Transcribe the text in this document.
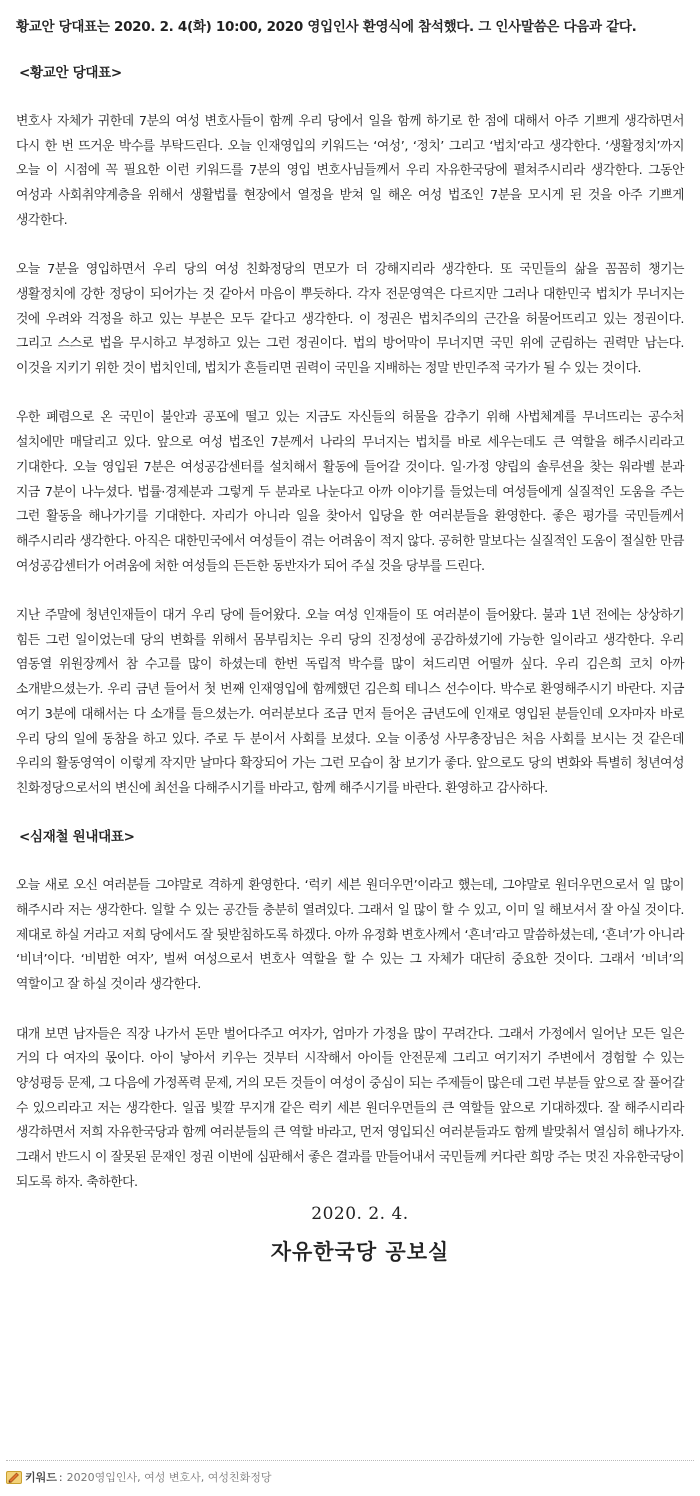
황교안 당대표는 2020. 2. 4(화) 10:00, 2020 영입인사 환영식에 참석했다. 그 인사말씀은 다음과 같다.

<황교안 당대표>

변호사 자체가 귀한데 7분의 여성 변호사들이 함께 우리 당에서 일을 함께 하기로 한 점에 대해서 아주 기쁘게 생각하면서 다시 한 번 뜨거운 박수를 부탁드린다. 오늘 인재영입의 키워드는 ‘여성’, ‘정치’ 그리고 ‘법치’라고 생각한다. ‘생활정치’까지 오늘 이 시점에 꼭 필요한 이런 키워드를 7분의 영입 변호사님들께서 우리 자유한국당에 펼쳐주시리라 생각한다. 그동안 여성과 사회취약계층을 위해서 생활법률 현장에서 열정을 받쳐 일 해온 여성 법조인 7분을 모시게 된 것을 아주 기쁘게 생각한다.

오늘 7분을 영입하면서 우리 당의 여성 친화정당의 면모가 더 강해지리라 생각한다. 또 국민들의 삶을 꼼꼼히 챙기는 생활정치에 강한 정당이 되어가는 것 같아서 마음이 뿌듯하다. 각자 전문영역은 다르지만 그러나 대한민국 법치가 무너지는 것에 우려와 걱정을 하고 있는 부분은 모두 같다고 생각한다. 이 정권은 법치주의의 근간을 허물어뜨리고 있는 정권이다. 그리고 스스로 법을 무시하고 부정하고 있는 그런 정권이다. 법의 방어막이 무너지면 국민 위에 군림하는 권력만 남는다. 이것을 지키기 위한 것이 법치인데, 법치가 흔들리면 권력이 국민을 지배하는 정말 반민주적 국가가 될 수 있는 것이다.

우한 폐렴으로 온 국민이 불안과 공포에 떨고 있는 지금도 자신들의 허물을 감추기 위해 사법체계를 무너뜨리는 공수처 설치에만 매달리고 있다. 앞으로 여성 법조인 7분께서 나라의 무너지는 법치를 바로 세우는데도 큰 역할을 해주시리라고 기대한다. 오늘 영입된 7분은 여성공감센터를 설치해서 활동에 들어갈 것이다. 일·가정 양립의 솔루션을 찾는 워라벨 분과 지금 7분이 나누셨다. 법률·경제분과 그렇게 두 분과로 나눈다고 아까 이야기를 들었는데 여성들에게 실질적인 도움을 주는 그런 활동을 해나가기를 기대한다. 자리가 아니라 일을 찾아서 입당을 한 여러분들을 환영한다. 좋은 평가를 국민들께서 해주시리라 생각한다. 아직은 대한민국에서 여성들이 겪는 어려움이 적지 않다. 공허한 말보다는 실질적인 도움이 절실한 만큼 여성공감센터가 어려움에 처한 여성들의 든든한 동반자가 되어 주실 것을 당부를 드린다.

지난 주말에 청년인재들이 대거 우리 당에 들어왔다. 오늘 여성 인재들이 또 여러분이 들어왔다. 불과 1년 전에는 상상하기 힘든 그런 일이었는데 당의 변화를 위해서 몸부림치는 우리 당의 진정성에 공감하셨기에 가능한 일이라고 생각한다. 우리 염동열 위원장께서 참 수고를 많이 하셨는데 한번 독립적 박수를 많이 쳐드리면 어떨까 싶다. 우리 김은희 코치 아까 소개받으셨는가. 우리 금년 들어서 첫 번째 인재영입에 함께했던 김은희 테니스 선수이다. 박수로 환영해주시기 바란다. 지금 여기 3분에 대해서는 다 소개를 들으셨는가. 여러분보다 조금 먼저 들어온 금년도에 인재로 영입된 분들인데 오자마자 바로 우리 당의 일에 동참을 하고 있다. 주로 두 분이서 사회를 보셨다. 오늘 이종성 사무총장님은 처음 사회를 보시는 것 같은데 우리의 활동영역이 이렇게 작지만 날마다 확장되어 가는 그런 모습이 참 보기가 좋다. 앞으로도 당의 변화와 특별히 청년여성 친화정당으로서의 변신에 최선을 다해주시기를 바라고, 함께 해주시기를 바란다. 환영하고 감사하다.

<심재철 원내대표>

오늘 새로 오신 여러분들 그야말로 격하게 환영한다. ‘럭키 세븐 원더우먼’이라고 했는데, 그야말로 원더우먼으로서 일 많이 해주시라 저는 생각한다. 일할 수 있는 공간들 충분히 열려있다. 그래서 일 많이 할 수 있고, 이미 일 해보셔서 잘 아실 것이다. 제대로 하실 거라고 저희 당에서도 잘 뒷받침하도록 하겠다. 아까 유정화 변호사께서 ‘흔녀’라고 말씀하셨는데, ‘흔녀’가 아니라 ‘비녀’이다. ‘비범한 여자’, 벌써 여성으로서 변호사 역할을 할 수 있는 그 자체가 대단히 중요한 것이다. 그래서 ‘비녀’의 역할이고 잘 하실 것이라 생각한다.

대개 보면 남자들은 직장 나가서 돈만 벌어다주고 여자가, 엄마가 가정을 많이 꾸려간다. 그래서 가정에서 일어난 모든 일은 거의 다 여자의 몫이다. 아이 낳아서 키우는 것부터 시작해서 아이들 안전문제 그리고 여기저기 주변에서 경험할 수 있는 양성평등 문제, 그 다음에 가정폭력 문제, 거의 모든 것들이 여성이 중심이 되는 주제들이 많은데 그런 부분들 앞으로 잘 풀어갈 수 있으리라고 저는 생각한다. 일곱 빛깔 무지개 같은 럭키 세븐 원더우먼들의 큰 역할들 앞으로 기대하겠다. 잘 해주시리라 생각하면서 저희 자유한국당과 함께 여러분들의 큰 역할 바라고, 먼저 영입되신 여러분들과도 함께 발맞춰서 열심히 해나가자. 그래서 반드시 이 잘못된 문재인 정권 이번에 심판해서 좋은 결과를 만들어내서 국민들께 커다란 희망 주는 멋진 자유한국당이 되도록 하자. 축하한다.

2020. 2. 4.

자유한국당 공보실

키워드 : 2020영입인사, 여성 변호사, 여성친화정당
